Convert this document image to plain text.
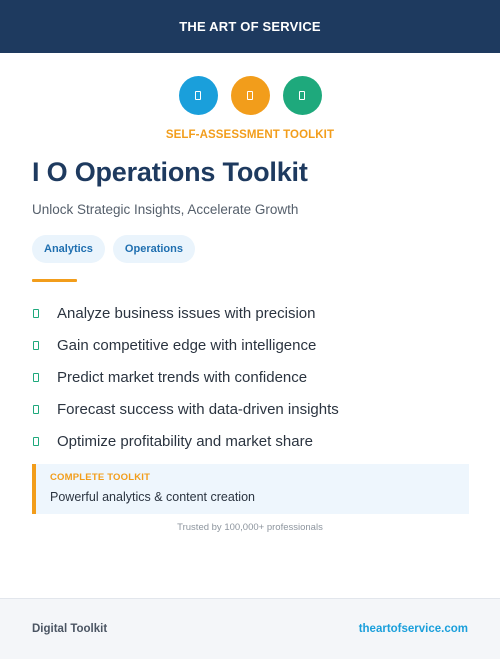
THE ART OF SERVICE
SELF-ASSESSMENT TOOLKIT
I O Operations Toolkit
Unlock Strategic Insights, Accelerate Growth
Analytics	Operations
Analyze business issues with precision
Gain competitive edge with intelligence
Predict market trends with confidence
Forecast success with data-driven insights
Optimize profitability and market share
COMPLETE TOOLKIT
Powerful analytics & content creation
Trusted by 100,000+ professionals
Digital Toolkit	theartofservice.com
